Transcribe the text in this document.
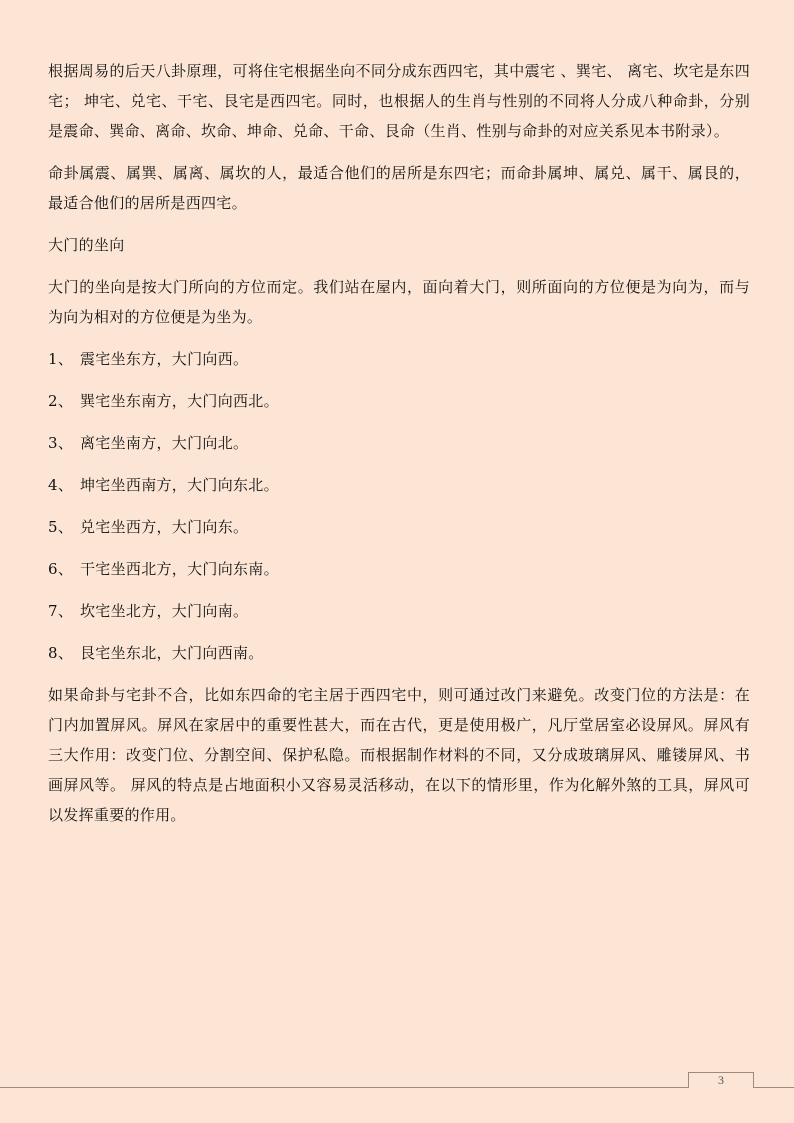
根据周易的后天八卦原理，可将住宅根据坐向不同分成东西四宅，其中震宅 、巽宅、 离宅、坎宅是东四宅； 坤宅、兑宅、干宅、艮宅是西四宅。同时，也根据人的生肖与性别的不同将人分成八种命卦，分别是震命、巽命、离命、坎命、坤命、兑命、干命、艮命（生肖、性别与命卦的对应关系见本书附录）。

命卦属震、属巽、属离、属坎的人，最适合他们的居所是东四宅；而命卦属坤、属兑、属干、属艮的，最适合他们的居所是西四宅。

大门的坐向

大门的坐向是按大门所向的方位而定。我们站在屋内，面向着大门，则所面向的方位便是为向为，而与为向为相对的方位便是为坐为。

1、 震宅坐东方，大门向西。
2、 巽宅坐东南方，大门向西北。
3、 离宅坐南方，大门向北。
4、 坤宅坐西南方，大门向东北。
5、 兑宅坐西方，大门向东。
6、 干宅坐西北方，大门向东南。
7、 坎宅坐北方，大门向南。
8、 艮宅坐东北，大门向西南。

如果命卦与宅卦不合，比如东四命的宅主居于西四宅中，则可通过改门来避免。改变门位的方法是：在门内加置屏风。屏风在家居中的重要性甚大，而在古代，更是使用极广，凡厅堂居室必设屏风。屏风有三大作用：改变门位、分割空间、保护私隐。而根据制作材料的不同，又分成玻璃屏风、雕镂屏风、书画屏风等。 屏风的特点是占地面积小又容易灵活移动，在以下的情形里，作为化解外煞的工具，屏风可以发挥重要的作用。

3
